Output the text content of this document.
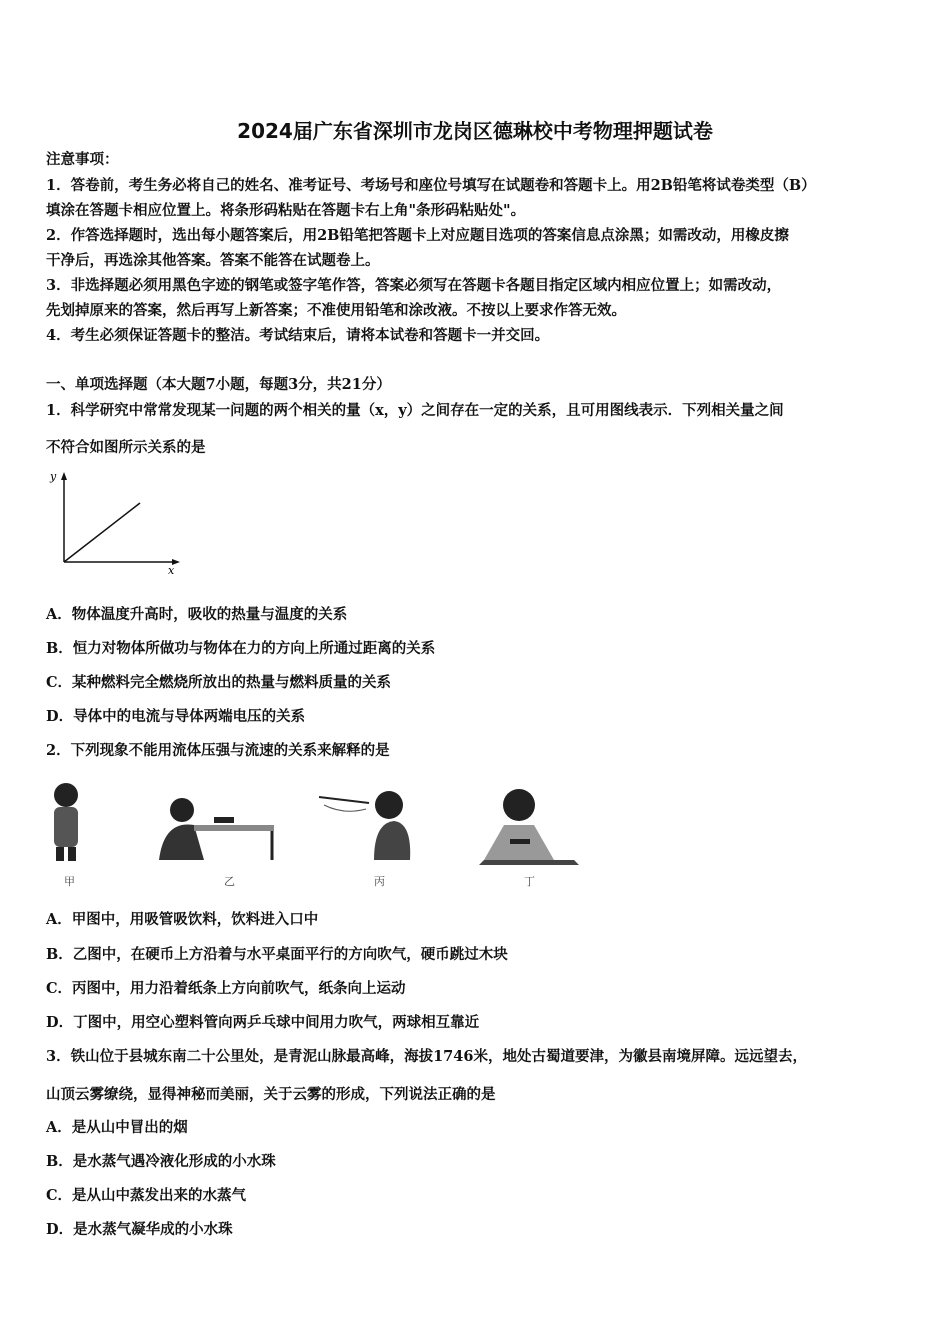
2024届广东省深圳市龙岗区德琳校中考物理押题试卷
注意事项：
1．答卷前，考生务必将自己的姓名、准考证号、考场号和座位号填写在试题卷和答题卡上。用2B铅笔将试卷类型（B）
填涂在答题卡相应位置上。将条形码粘贴在答题卡右上角"条形码粘贴处"。
2．作答选择题时，选出每小题答案后，用2B铅笔把答题卡上对应题目选项的答案信息点涂黑；如需改动，用橡皮擦
干净后，再选涂其他答案。答案不能答在试题卷上。
3．非选择题必须用黑色字迹的钢笔或签字笔作答，答案必须写在答题卡各题目指定区域内相应位置上；如需改动，
先划掉原来的答案，然后再写上新答案；不准使用铅笔和涂改液。不按以上要求作答无效。
4．考生必须保证答题卡的整洁。考试结束后，请将本试卷和答题卡一并交回。
一、单项选择题（本大题7小题，每题3分，共21分）
1．科学研究中常常发现某一问题的两个相关的量（x，y）之间存在一定的关系，且可用图线表示．下列相关量之间
不符合如图所示关系的是
y
x
A．物体温度升高时，吸收的热量与温度的关系
B．恒力对物体所做功与物体在力的方向上所通过距离的关系
C．某种燃料完全燃烧所放出的热量与燃料质量的关系
D．导体中的电流与导体两端电压的关系
2．下列现象不能用流体压强与流速的关系来解释的是
甲	乙	丙	丁
A．甲图中，用吸管吸饮料，饮料进入口中
B．乙图中，在硬币上方沿着与水平桌面平行的方向吹气，硬币跳过木块
C．丙图中，用力沿着纸条上方向前吹气，纸条向上运动
D．丁图中，用空心塑料管向两乒乓球中间用力吹气，两球相互靠近
3．铁山位于县城东南二十公里处，是青泥山脉最高峰，海拔1746米，地处古蜀道要津，为徽县南境屏障。远远望去，
山顶云雾缭绕，显得神秘而美丽，关于云雾的形成，下列说法正确的是
A．是从山中冒出的烟
B．是水蒸气遇冷液化形成的小水珠
C．是从山中蒸发出来的水蒸气
D．是水蒸气凝华成的小水珠
